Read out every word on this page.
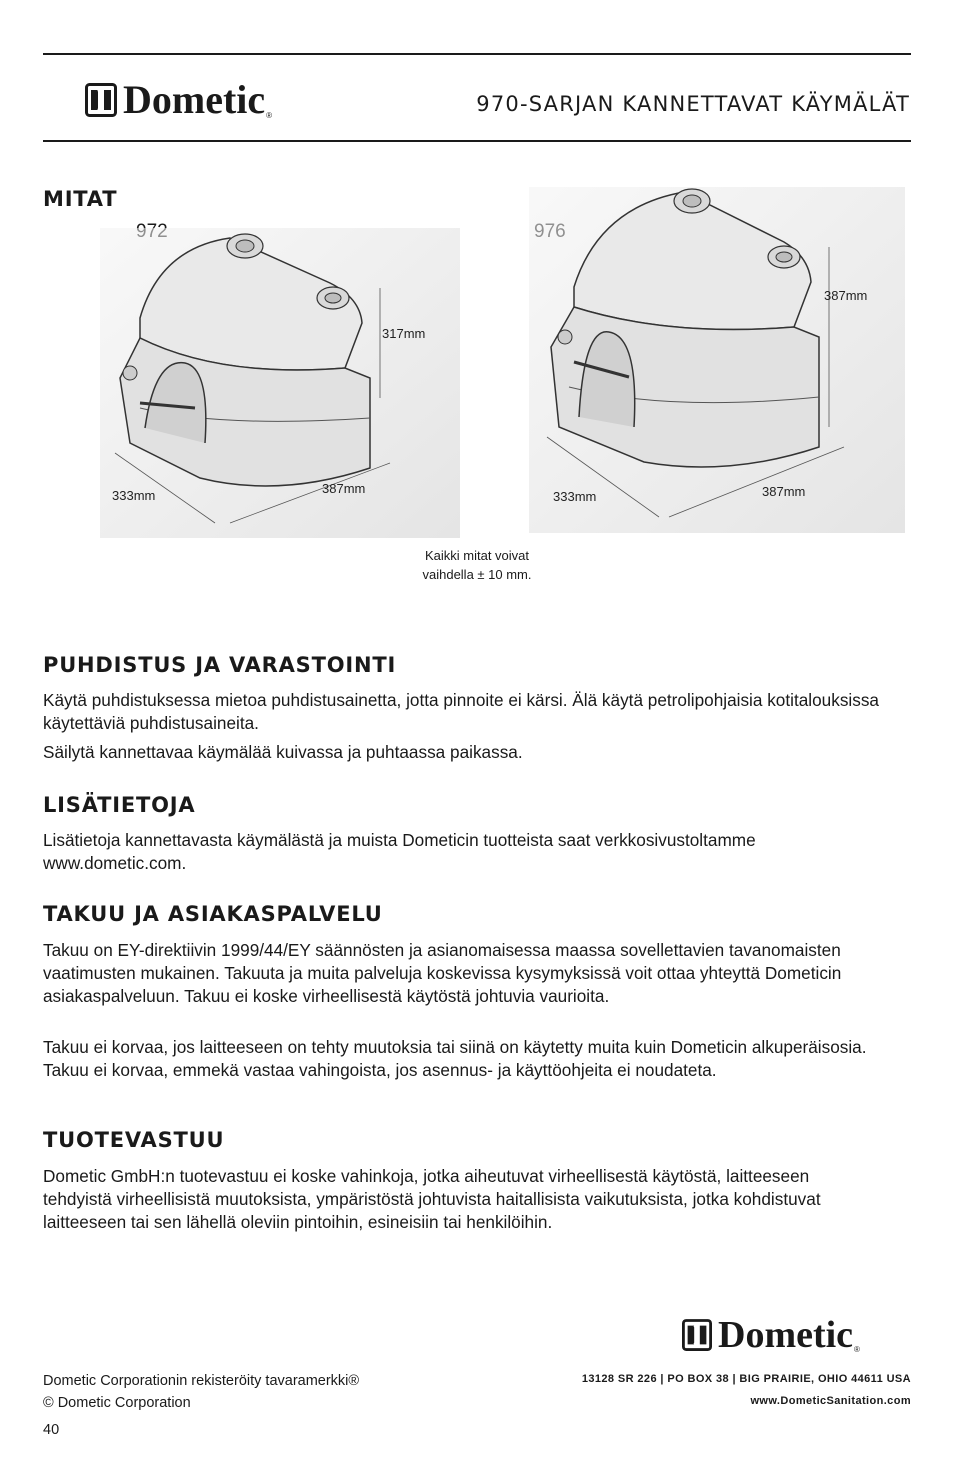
Dometic ®	970-SARJAN KANNETTAVAT KÄYMÄLÄT
MITAT
317mm
333mm	387mm
387mm
333mm	387mm
Kaikki mitat voivat
vaihdella ± 10 mm.
PUHDISTUS JA VARASTOINTI

Käytä puhdistuksessa mietoa puhdistusainetta, jotta pinnoite ei kärsi. Älä käytä petrolipohjaisia kotitalouksissa käytettäviä puhdistusaineita.

Säilytä kannettavaa käymälää kuivassa ja puhtaassa paikassa.

LISÄTIETOJA

Lisätietoja kannettavasta käymälästä ja muista Dometicin tuotteista saat verkkosivustoltamme www.dometic.com.

TAKUU JA ASIAKASPALVELU

Takuu on EY-direktiivin 1999/44/EY säännösten ja asianomaisessa maassa sovellettavien tavanomaisten vaatimusten mukainen. Takuuta ja muita palveluja koskevissa kysymyksissä voit ottaa yhteyttä Dometicin asiakaspalveluun. Takuu ei koske virheellisestä käytöstä johtuvia vaurioita.

Takuu ei korvaa, jos laitteeseen on tehty muutoksia tai siinä on käytetty muita kuin Dometicin alkuperäisosia. Takuu ei korvaa, emmekä vastaa vahingoista, jos asennus- ja käyttöohjeita ei noudateta.

TUOTEVASTUU

Dometic GmbH:n tuotevastuu ei koske vahinkoja, jotka aiheutuvat virheellisestä käytöstä, laitteeseen tehdyistä virheellisistä muutoksista, ympäristöstä johtuvista haitallisista vaikutuksista, jotka kohdistuvat laitteeseen tai sen lähellä oleviin pintoihin, esineisiin tai henkilöihin.

Dometic ®
Dometic Corporationin rekisteröity tavaramerkki®
© Dometic Corporation
13128 SR 226 | PO BOX 38 | BIG PRAIRIE, OHIO 44611 USA
www.DometicSanitation.com
40
